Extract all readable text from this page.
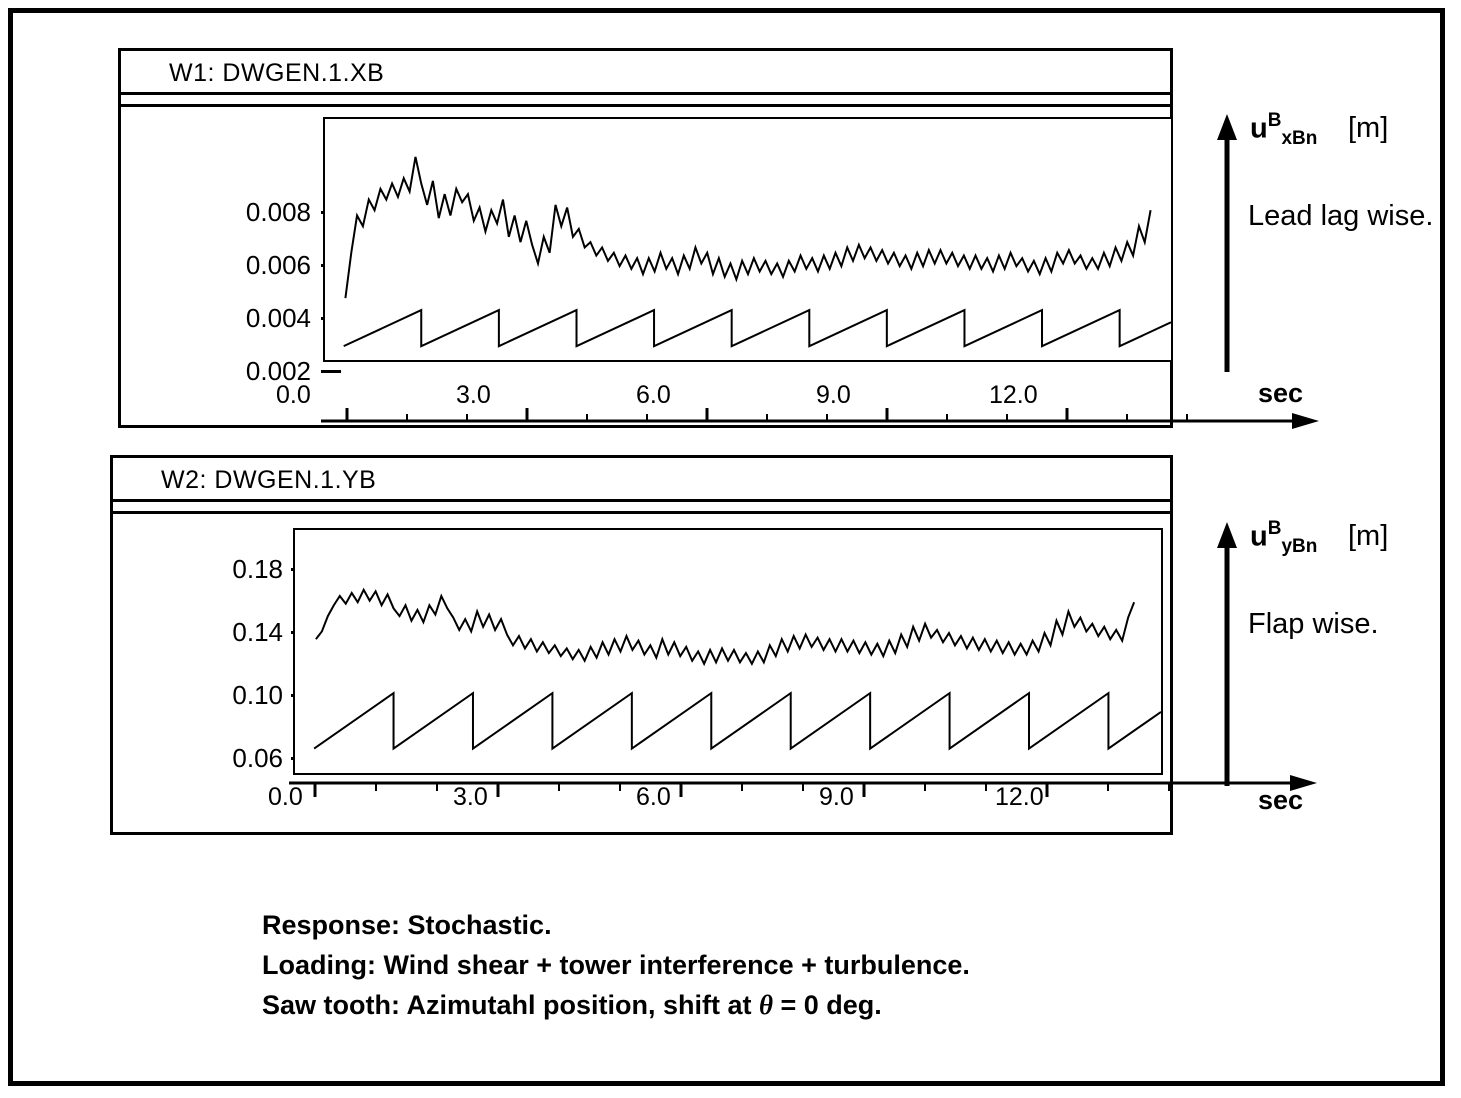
W1: DWGEN.1.XB
0.008
0.006
0.004
0.002
0.0	3.0	6.0	9.0	12.0
$u^B_{xBn}$ [m]
Lead lag wise.
sec
W2: DWGEN.1.YB
0.18
0.14
0.10
0.06
0.0	3.0	6.0	9.0	12.0
$u^B_{yBn}$ [m]
Flap wise.
sec
Response: Stochastic.
Loading: Wind shear + tower interference + turbulence.
Saw tooth: Azimutahl position, shift at θ = 0 deg.
